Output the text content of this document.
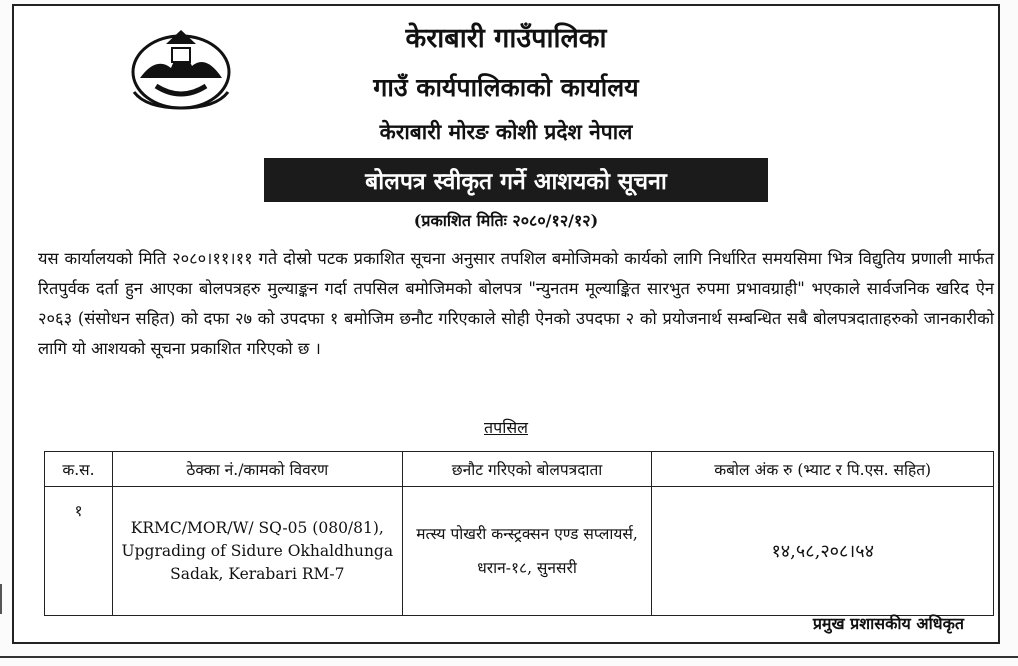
केराबारी गाउँपालिका
गाउँ कार्यपालिकाको कार्यालय
केराबारी मोरङ कोशी प्रदेश नेपाल
बोलपत्र स्वीकृत गर्ने आशयको सूचना
(प्रकाशित मितिः २०८०/१२/१२)
यस कार्यालयको मिति २०८०।११।११ गते दोस्रो पटक प्रकाशित सूचना अनुसार तपशिल बमोजिमको कार्यको लागि निर्धारित समयसिमा भित्र विद्युतिय प्रणाली मार्फत रितपुर्वक दर्ता हुन आएका बोलपत्रहरु मुल्याङ्कन गर्दा तपसिल बमोजिमको बोलपत्र "न्युनतम मूल्याङ्कित सारभुत रुपमा प्रभावग्राही" भएकाले सार्वजनिक खरिद ऐन २०६३ (संसोधन सहित) को दफा २७ को उपदफा १ बमोजिम छनौट गरिएकाले सोही ऐनको उपदफा २ को प्रयोजनार्थ सम्बन्धित सबै बोलपत्रदाताहरुको जानकारीको लागि यो आशयको सूचना प्रकाशित गरिएको छ ।
तपसिल
क.स.	ठेक्का नं./कामको विवरण	छनौट गरिएको बोलपत्रदाता	कबोल अंक रु (भ्याट र पि.एस. सहित)
१	KRMC/MOR/W/ SQ-05 (080/81), Upgrading of Sidure Okhaldhunga Sadak, Kerabari RM-7	मत्स्य पोखरी कन्स्ट्रक्सन एण्ड सप्लायर्स, धरान-१८, सुनसरी	१४,५८,२०८।५४
प्रमुख प्रशासकीय अधिकृत
